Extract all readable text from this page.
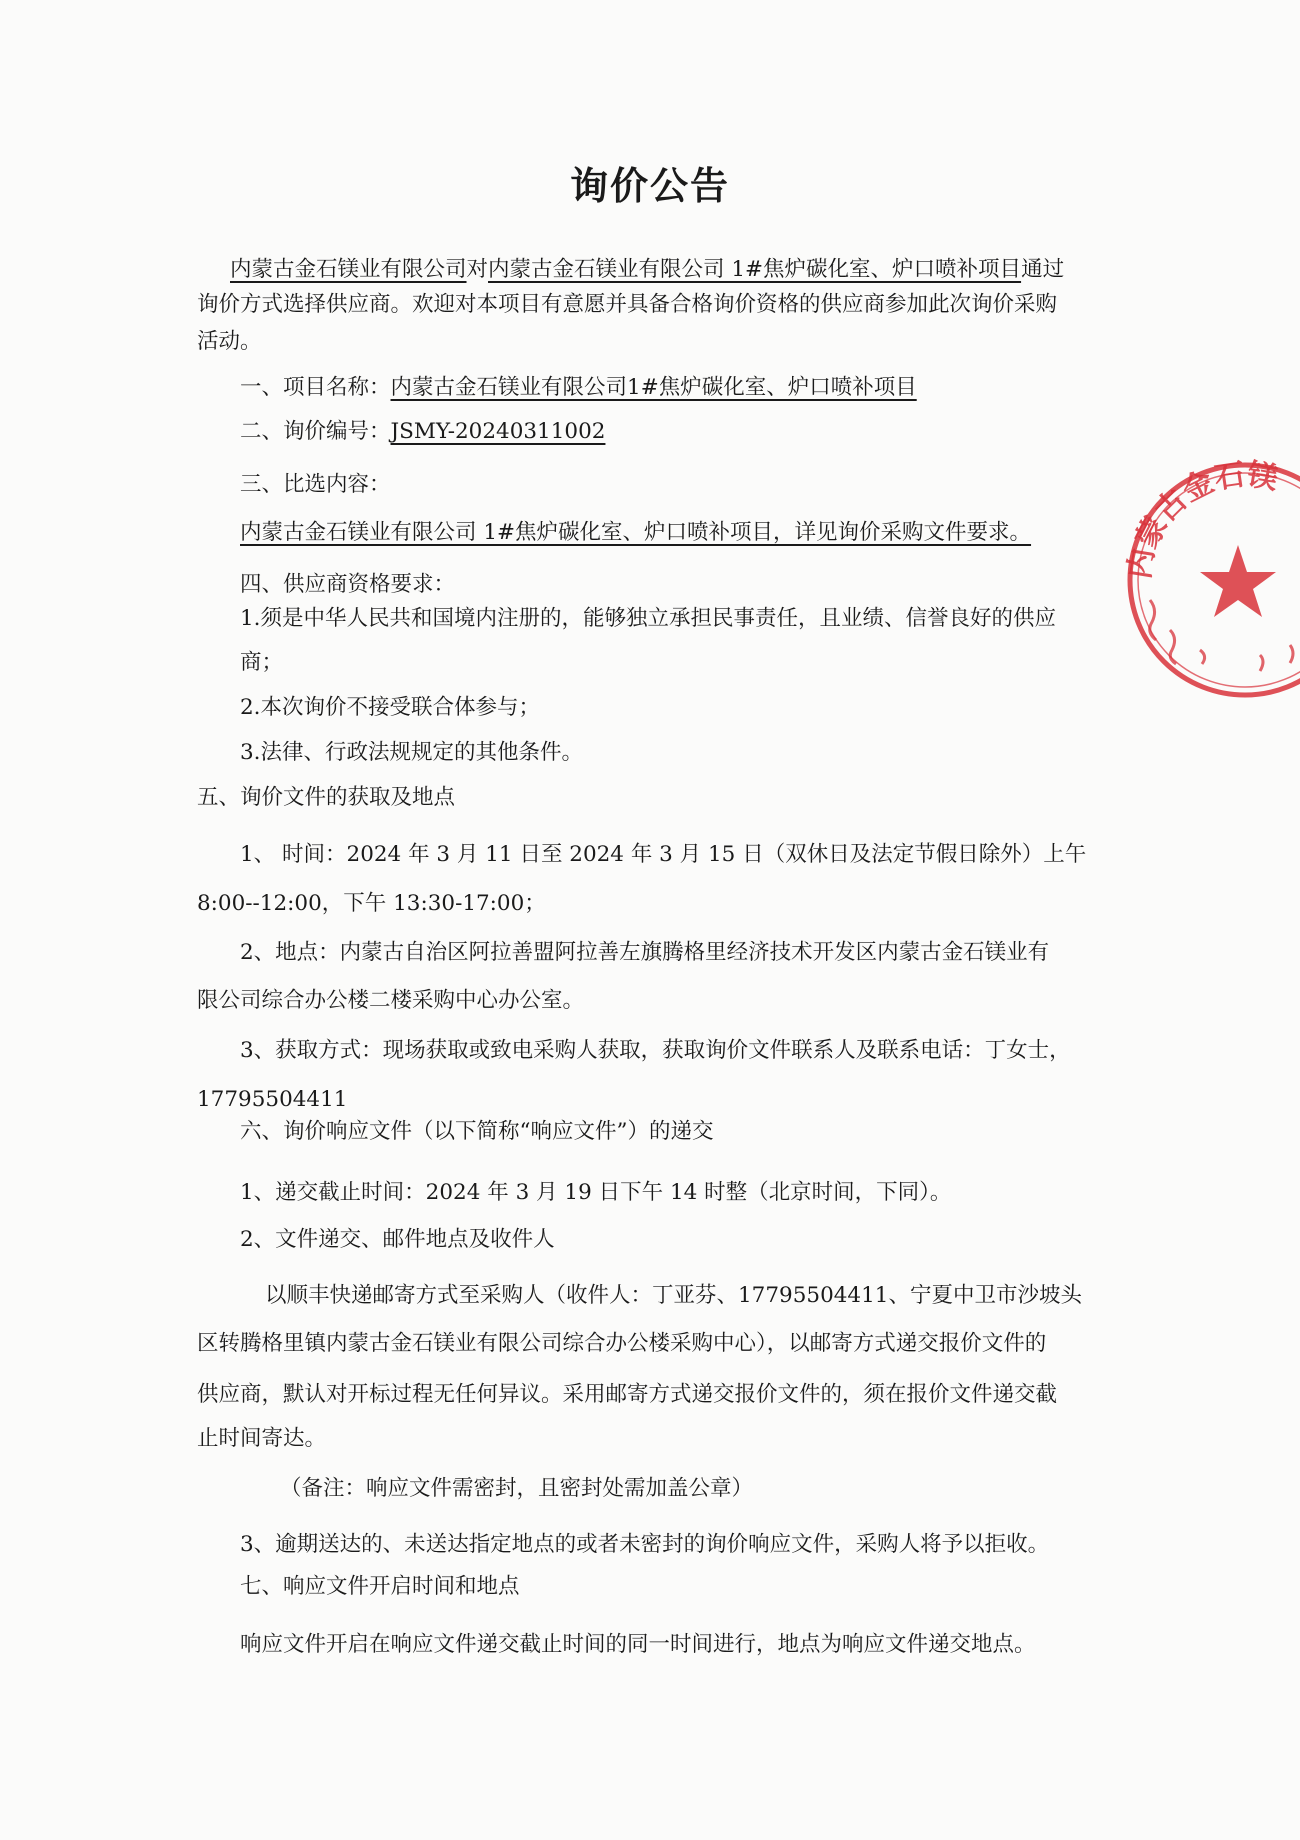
询价公告
内蒙古金石镁业有限公司对内蒙古金石镁业有限公司 1#焦炉碳化室、炉口喷补项目通过
询价方式选择供应商。欢迎对本项目有意愿并具备合格询价资格的供应商参加此次询价采购
活动。
一、项目名称：内蒙古金石镁业有限公司1#焦炉碳化室、炉口喷补项目
二、询价编号：JSMY-20240311002
三、比选内容：
内蒙古金石镁业有限公司 1#焦炉碳化室、炉口喷补项目，详见询价采购文件要求。
四、供应商资格要求：
1.须是中华人民共和国境内注册的，能够独立承担民事责任，且业绩、信誉良好的供应
商；
2.本次询价不接受联合体参与；
3.法律、行政法规规定的其他条件。
五、询价文件的获取及地点
1、 时间：2024 年 3 月 11 日至 2024 年 3 月 15 日（双休日及法定节假日除外）上午
8:00--12:00，下午 13:30-17:00；
2、地点：内蒙古自治区阿拉善盟阿拉善左旗腾格里经济技术开发区内蒙古金石镁业有
限公司综合办公楼二楼采购中心办公室。
3、获取方式：现场获取或致电采购人获取，获取询价文件联系人及联系电话：丁女士，
17795504411
六、询价响应文件（以下简称“响应文件”）的递交
1、递交截止时间：2024 年 3 月 19 日下午 14 时整（北京时间，下同）。
2、文件递交、邮件地点及收件人
以顺丰快递邮寄方式至采购人（收件人：丁亚芬、17795504411、宁夏中卫市沙坡头
区转腾格里镇内蒙古金石镁业有限公司综合办公楼采购中心），以邮寄方式递交报价文件的
供应商，默认对开标过程无任何异议。采用邮寄方式递交报价文件的，须在报价文件递交截
止时间寄达。
（备注：响应文件需密封，且密封处需加盖公章）
3、逾期送达的、未送达指定地点的或者未密封的询价响应文件，采购人将予以拒收。
七、响应文件开启时间和地点
响应文件开启在响应文件递交截止时间的同一时间进行，地点为响应文件递交地点。
内蒙古金石镁
